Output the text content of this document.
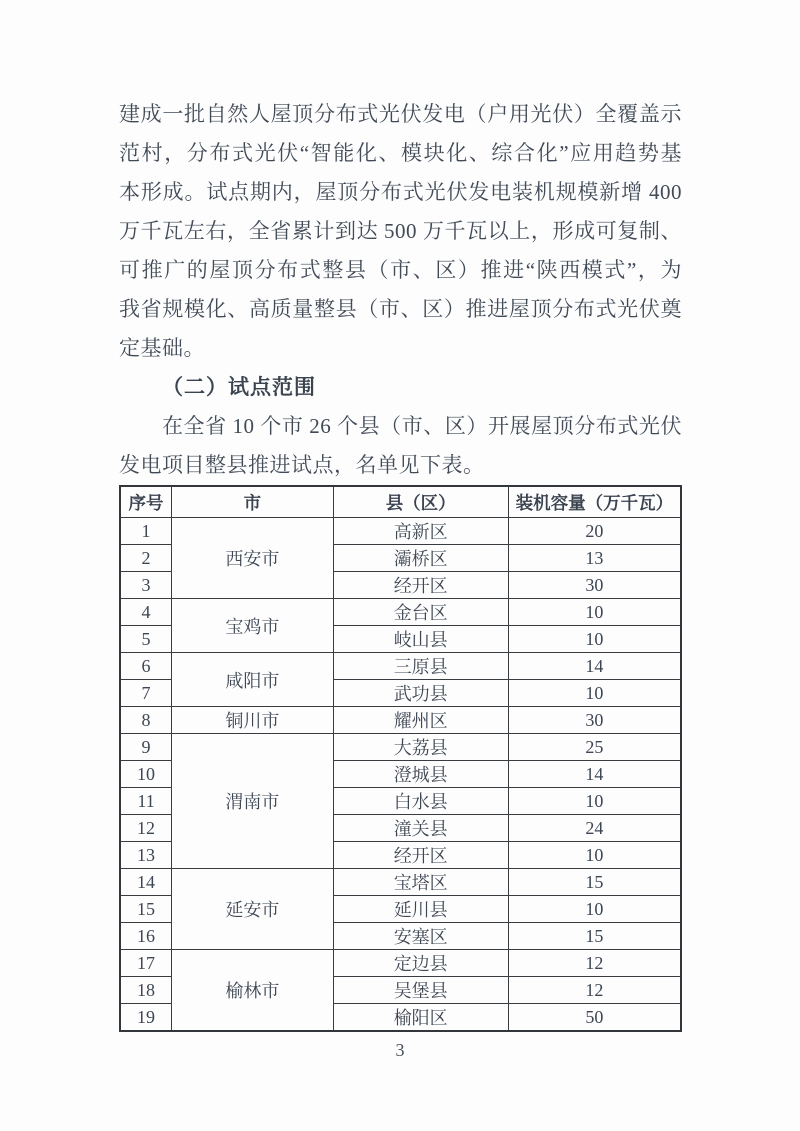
建成一批自然人屋顶分布式光伏发电（户用光伏）全覆盖示
范村，分布式光伏“智能化、模块化、综合化”应用趋势基
本形成。试点期内，屋顶分布式光伏发电装机规模新增 400
万千瓦左右，全省累计到达 500 万千瓦以上，形成可复制、
可推广的屋顶分布式整县（市、区）推进“陕西模式”，为
我省规模化、高质量整县（市、区）推进屋顶分布式光伏奠
定基础。
（二）试点范围
在全省 10 个市 26 个县（市、区）开展屋顶分布式光伏
发电项目整县推进试点，名单见下表。
序号	市	县（区）	装机容量（万千瓦）
1	西安市	高新区	20
2		灞桥区	13
3		经开区	30
4	宝鸡市	金台区	10
5		岐山县	10
6	咸阳市	三原县	14
7		武功县	10
8	铜川市	耀州区	30
9	渭南市	大荔县	25
10		澄城县	14
11		白水县	10
12		潼关县	24
13		经开区	10
14	延安市	宝塔区	15
15		延川县	10
16		安塞区	15
17	榆林市	定边县	12
18		吴堡县	12
19		榆阳区	50
3
